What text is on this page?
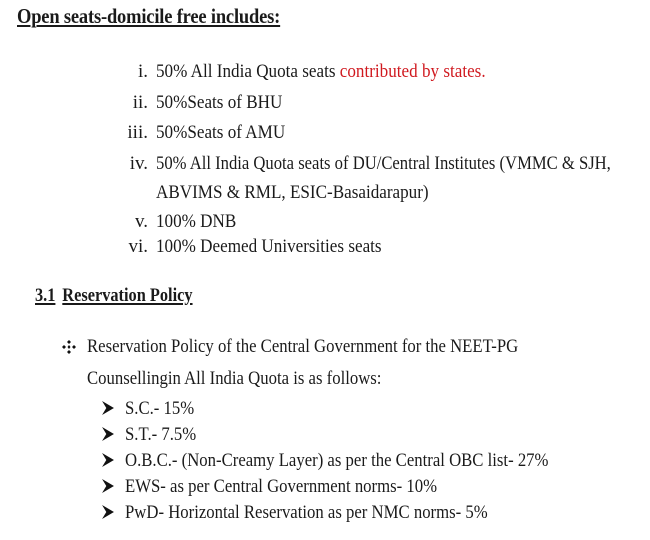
Open seats-domicile free includes:
i. 50% All India Quota seats contributed by states.
ii. 50%Seats of BHU
iii. 50%Seats of AMU
iv. 50% All India Quota seats of DU/Central Institutes (VMMC & SJH,
ABVIMS & RML, ESIC-Basaidarapur)
v. 100% DNB
vi. 100% Deemed Universities seats
3.1 Reservation Policy
Reservation Policy of the Central Government for the NEET-PG
Counsellingin All India Quota is as follows:
S.C.- 15%
S.T.- 7.5%
O.B.C.- (Non-Creamy Layer) as per the Central OBC list- 27%
EWS- as per Central Government norms- 10%
PwD- Horizontal Reservation as per NMC norms- 5%
